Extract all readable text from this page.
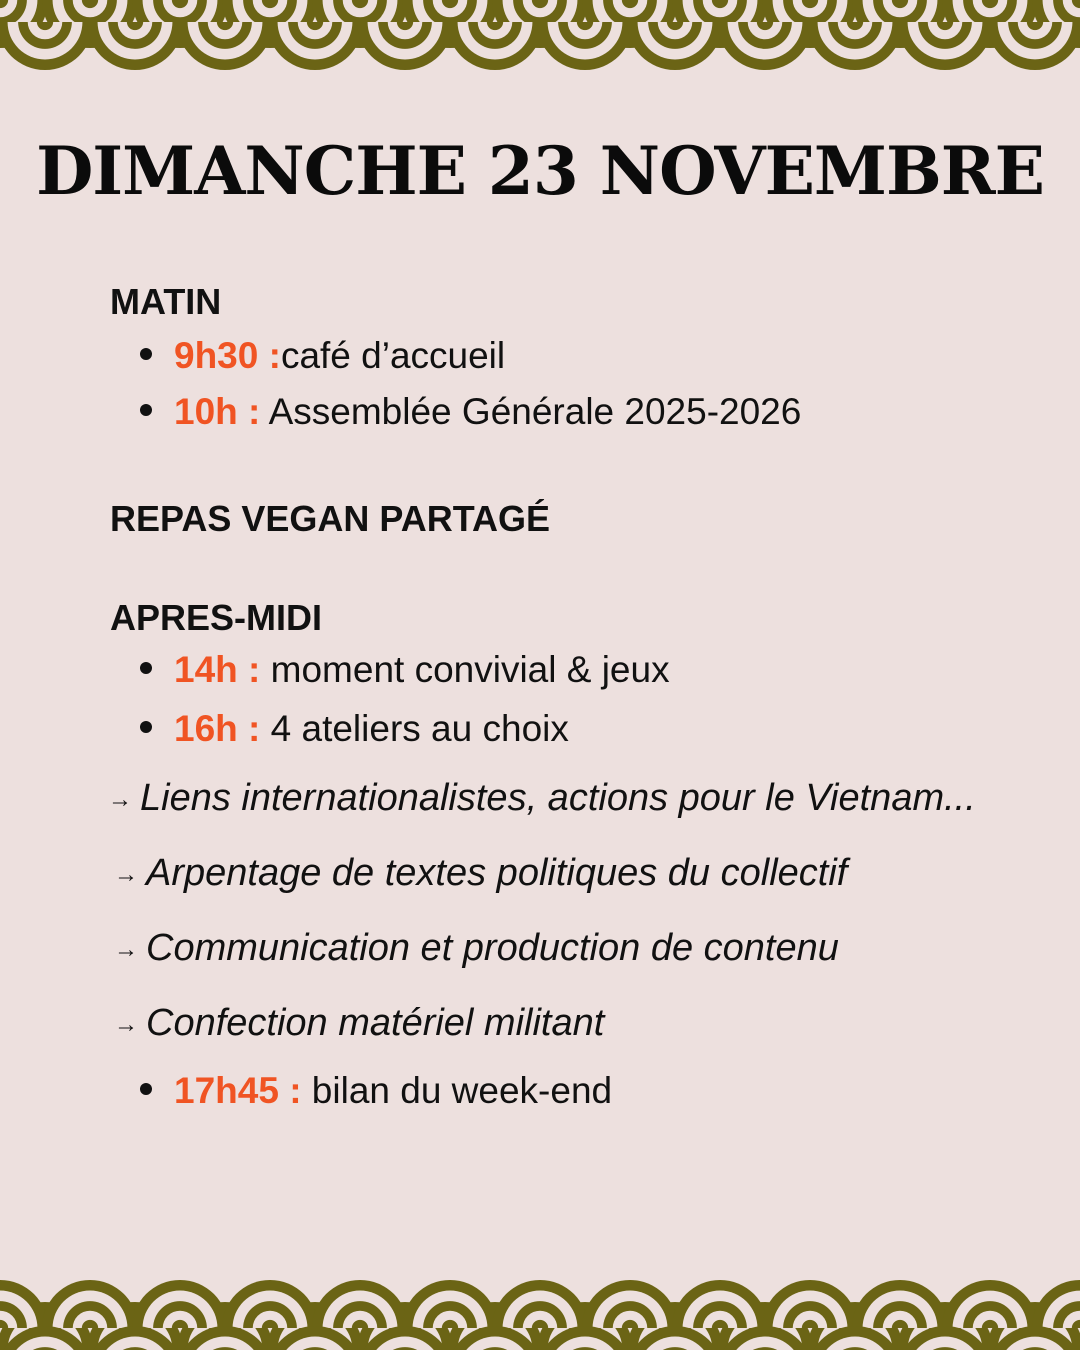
DIMANCHE 23 NOVEMBRE
MATIN
9h30 :café d’accueil
10h : Assemblée Générale 2025-2026
REPAS VEGAN PARTAGÉ
APRES-MIDI
14h : moment convivial & jeux
16h : 4 ateliers au choix
→ Liens internationalistes, actions pour le Vietnam...
→ Arpentage de textes politiques du collectif
→ Communication et production de contenu
→ Confection matériel militant
17h45 : bilan du week-end
